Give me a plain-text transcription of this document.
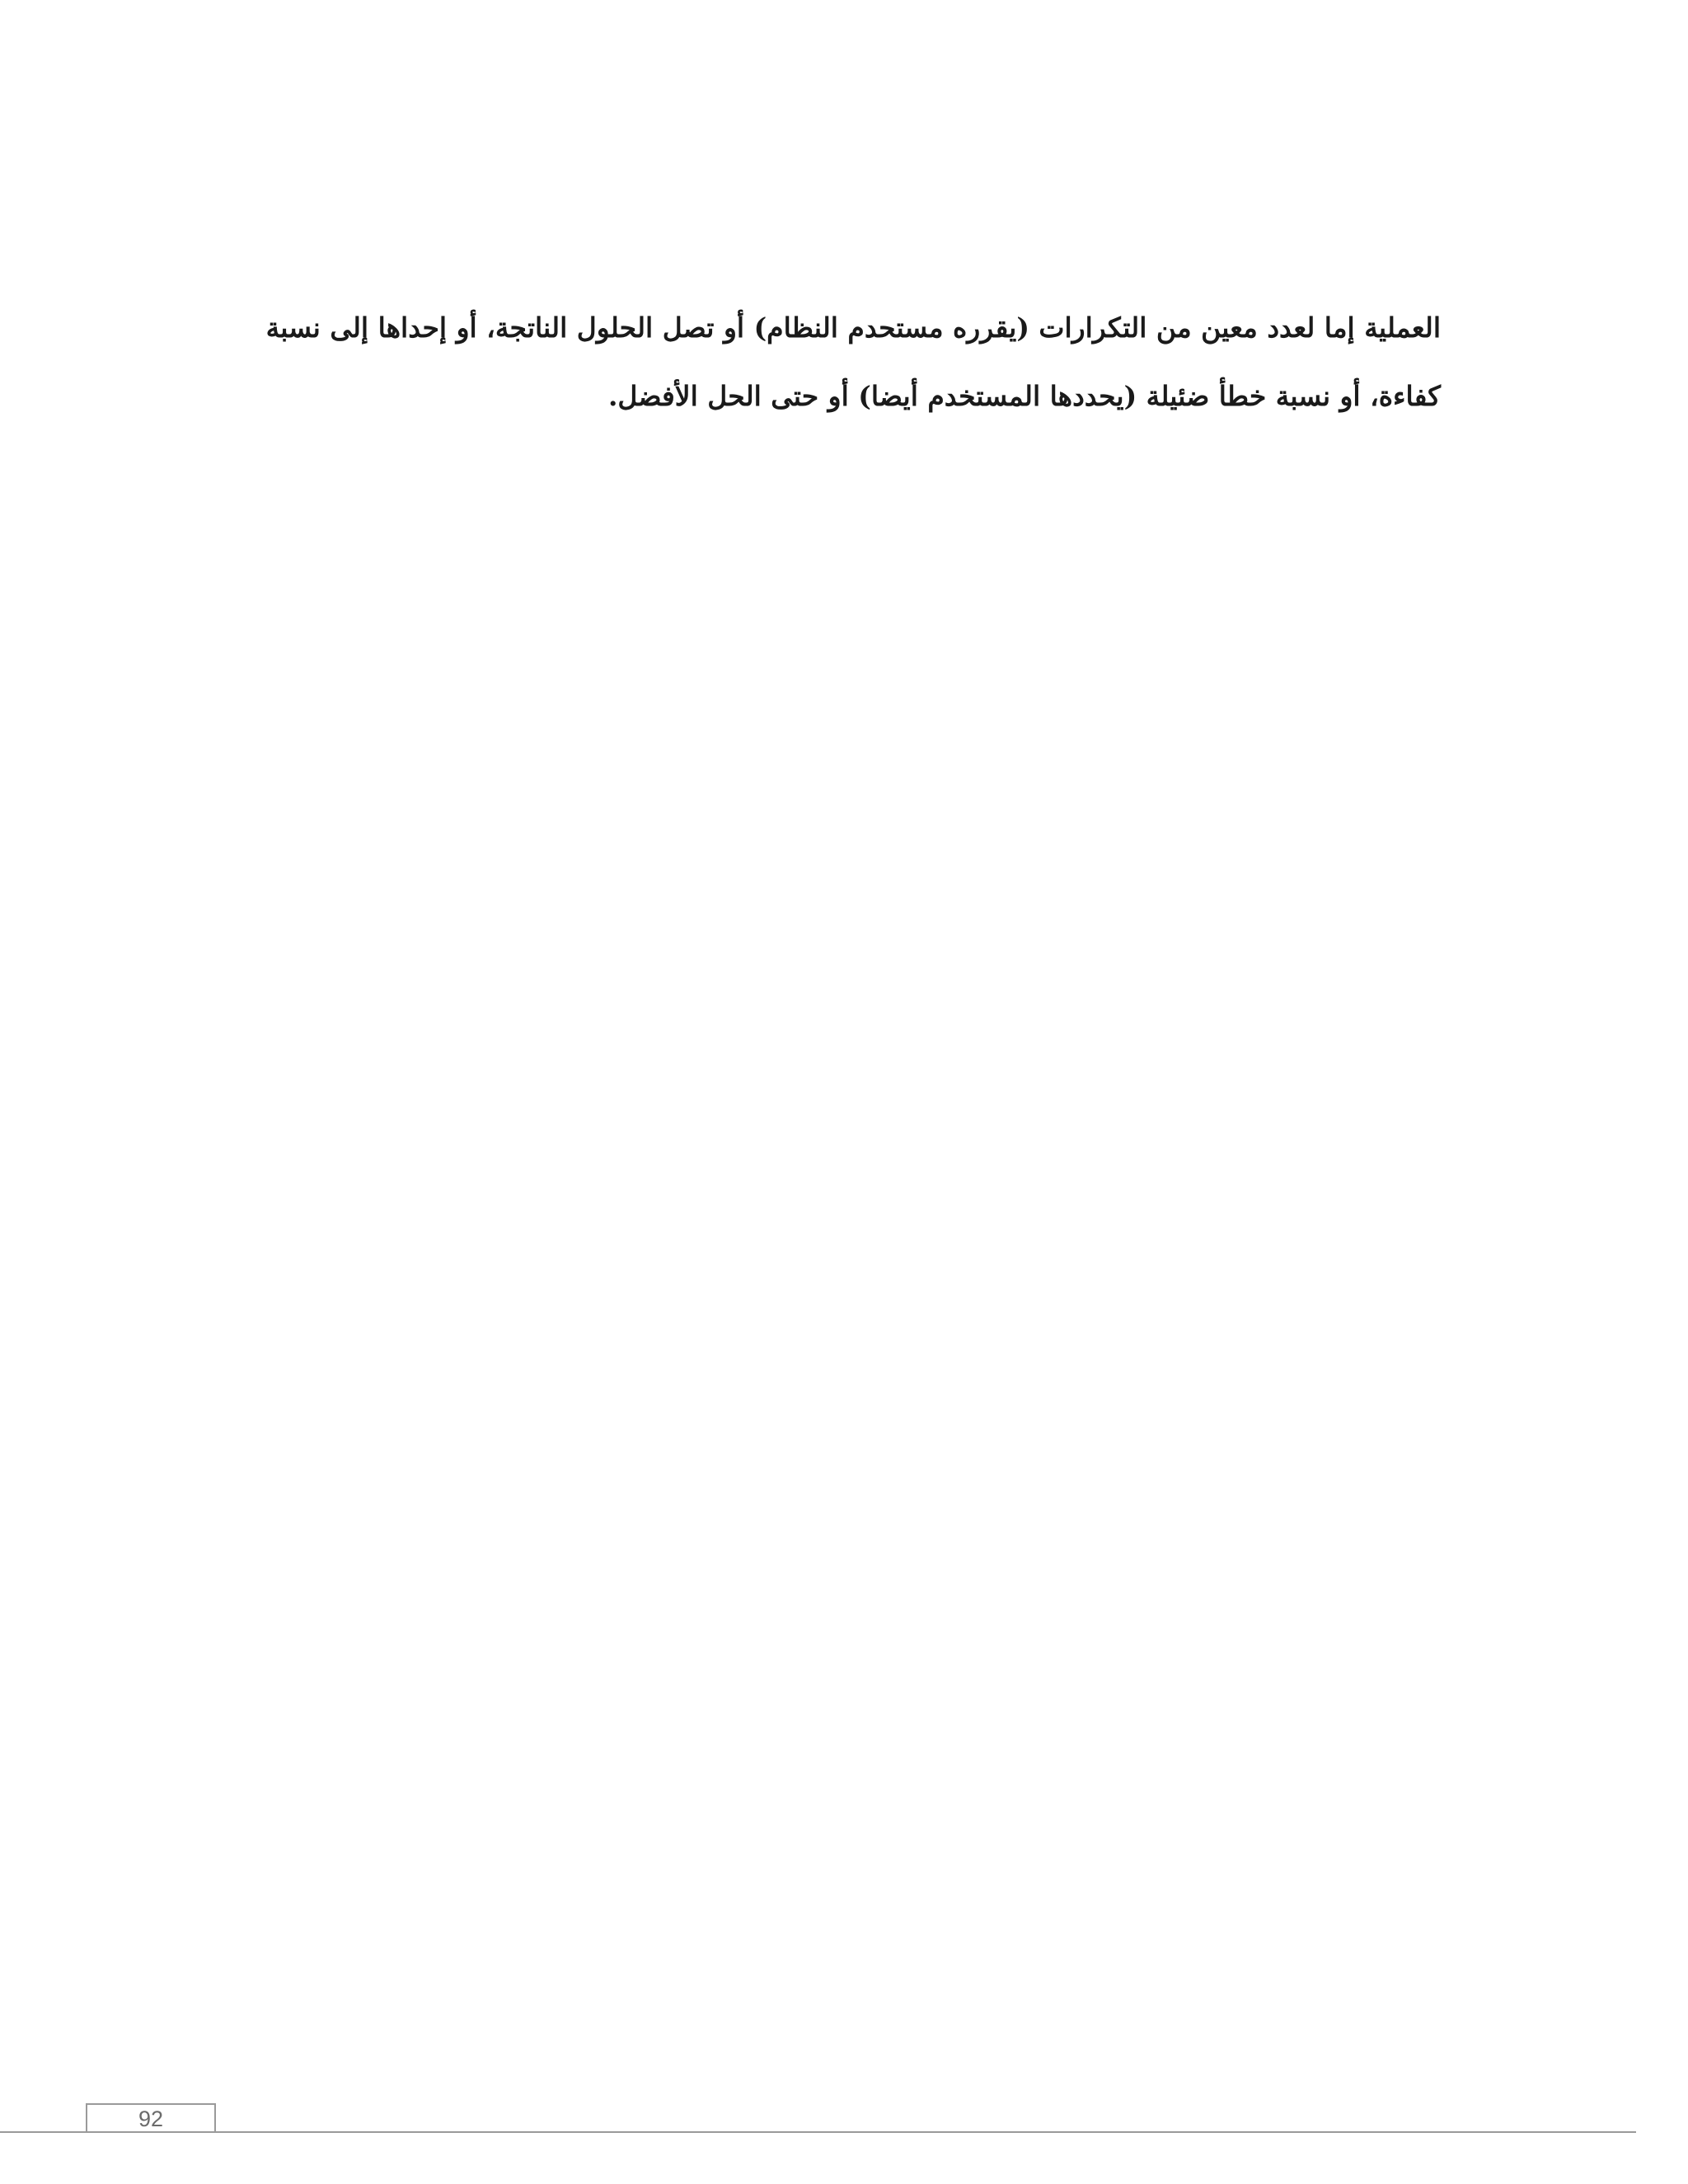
العملية إما لعدد معين من التكرارات (يقرره مستحدم النظام) أو تصل الحلول الناتجة، أو إحداها إلى نسبة
كفاءة، أو نسبة خطأ ضئيلة (يحددها المستخدم أيضا) أو حتى الحل الأفضل.

92
